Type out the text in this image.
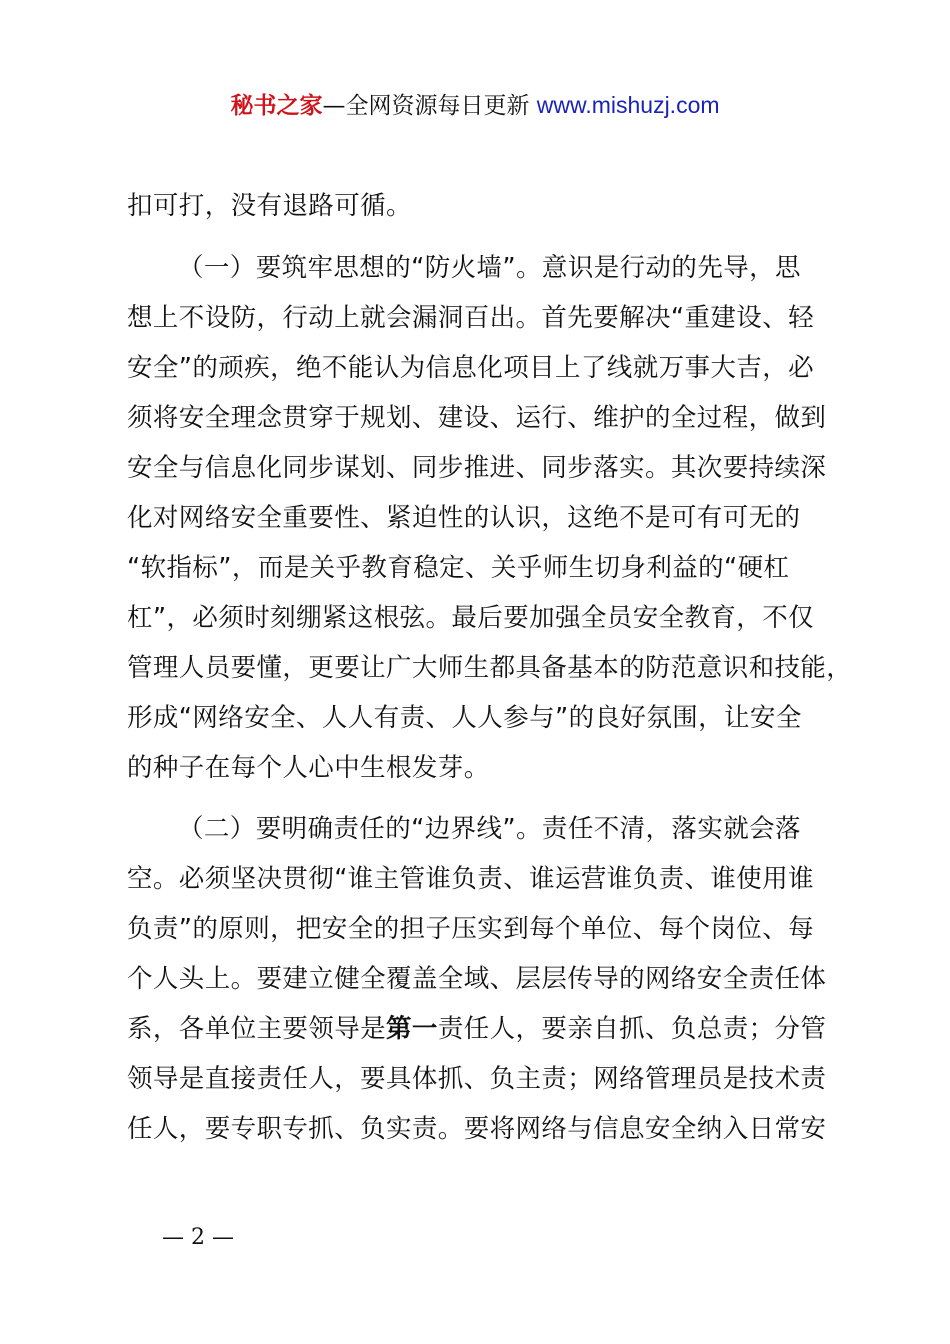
秘书之家—全网资源每日更新 www.mishuzj.com
扣可打，没有退路可循。
（一）要筑牢思想的“防火墙”。意识是行动的先导，思
想上不设防，行动上就会漏洞百出。首先要解决“重建设、轻
安全”的顽疾，绝不能认为信息化项目上了线就万事大吉，必
须将安全理念贯穿于规划、建设、运行、维护的全过程，做到
安全与信息化同步谋划、同步推进、同步落实。其次要持续深
化对网络安全重要性、紧迫性的认识，这绝不是可有可无的
“软指标”，而是关乎教育稳定、关乎师生切身利益的“硬杠
杠”，必须时刻绷紧这根弦。最后要加强全员安全教育，不仅
管理人员要懂，更要让广大师生都具备基本的防范意识和技能，
形成“网络安全、人人有责、人人参与”的良好氛围，让安全
的种子在每个人心中生根发芽。
（二）要明确责任的“边界线”。责任不清，落实就会落
空。必须坚决贯彻“谁主管谁负责、谁运营谁负责、谁使用谁
负责”的原则，把安全的担子压实到每个单位、每个岗位、每
个人头上。要建立健全覆盖全域、层层传导的网络安全责任体
系，各单位主要领导是第一责任人，要亲自抓、负总责；分管
领导是直接责任人，要具体抓、负主责；网络管理员是技术责
任人，要专职专抓、负实责。要将网络与信息安全纳入日常安
— 2 —
